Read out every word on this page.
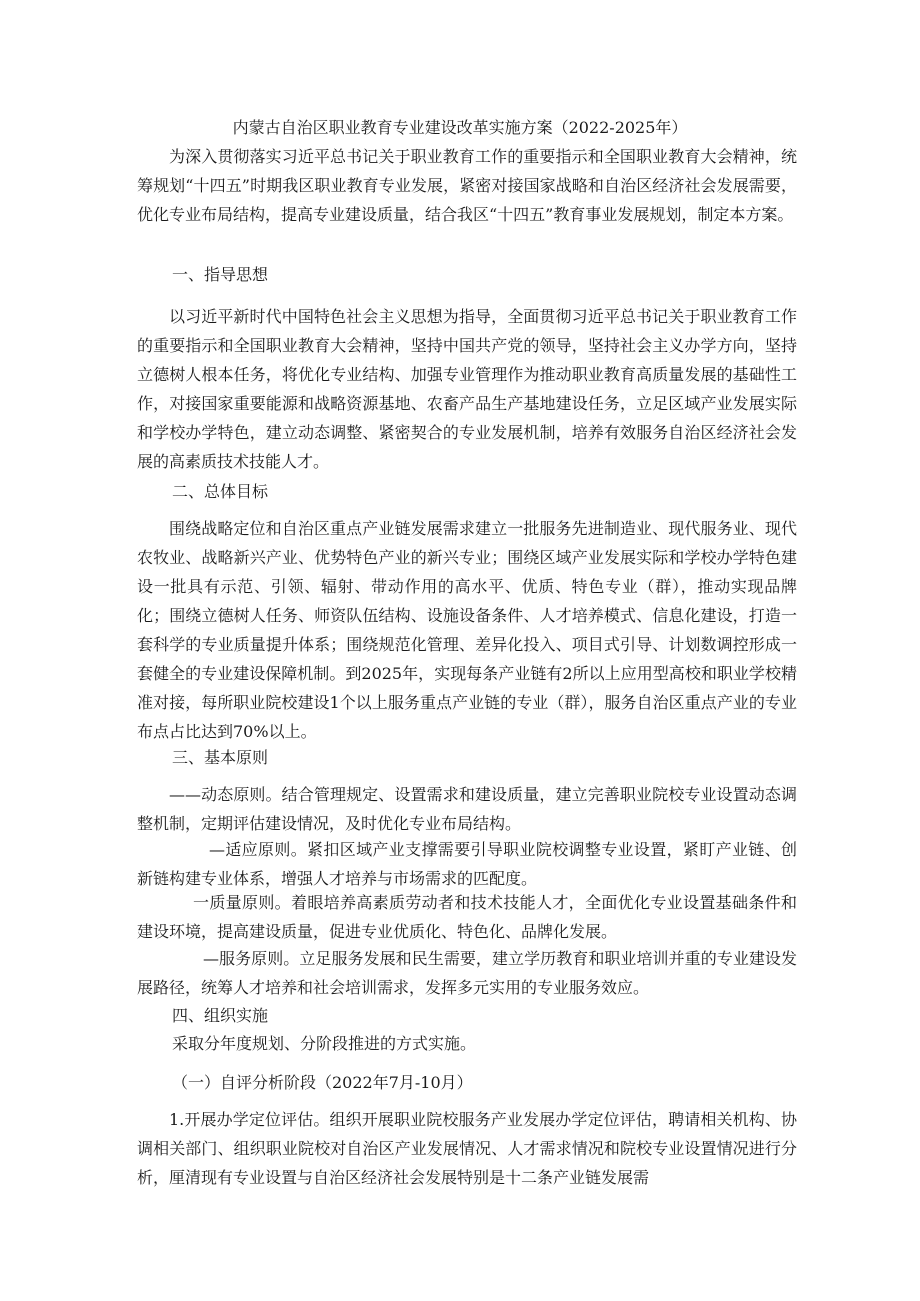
内蒙古自治区职业教育专业建设改革实施方案（2022-2025年）

为深入贯彻落实习近平总书记关于职业教育工作的重要指示和全国职业教育大会精神，统筹规划“十四五”时期我区职业教育专业发展，紧密对接国家战略和自治区经济社会发展需要，优化专业布局结构，提高专业建设质量，结合我区“十四五”教育事业发展规划，制定本方案。

一、指导思想

以习近平新时代中国特色社会主义思想为指导，全面贯彻习近平总书记关于职业教育工作的重要指示和全国职业教育大会精神，坚持中国共产党的领导，坚持社会主义办学方向，坚持立德树人根本任务，将优化专业结构、加强专业管理作为推动职业教育高质量发展的基础性工作，对接国家重要能源和战略资源基地、农畜产品生产基地建设任务，立足区域产业发展实际和学校办学特色，建立动态调整、紧密契合的专业发展机制，培养有效服务自治区经济社会发展的高素质技术技能人才。

二、总体目标

围绕战略定位和自治区重点产业链发展需求建立一批服务先进制造业、现代服务业、现代农牧业、战略新兴产业、优势特色产业的新兴专业；围绕区域产业发展实际和学校办学特色建设一批具有示范、引领、辐射、带动作用的高水平、优质、特色专业（群），推动实现品牌化；围绕立德树人任务、师资队伍结构、设施设备条件、人才培养模式、信息化建设，打造一套科学的专业质量提升体系；围绕规范化管理、差异化投入、项目式引导、计划数调控形成一套健全的专业建设保障机制。到2025年，实现每条产业链有2所以上应用型高校和职业学校精准对接，每所职业院校建设1个以上服务重点产业链的专业（群），服务自治区重点产业的专业布点占比达到70%以上。

三、基本原则

——动态原则。结合管理规定、设置需求和建设质量，建立完善职业院校专业设置动态调整机制，定期评估建设情况，及时优化专业布局结构。

—适应原则。紧扣区域产业支撑需要引导职业院校调整专业设置，紧盯产业链、创新链构建专业体系，增强人才培养与市场需求的匹配度。

一质量原则。着眼培养高素质劳动者和技术技能人才，全面优化专业设置基础条件和建设环境，提高建设质量，促进专业优质化、特色化、品牌化发展。

—服务原则。立足服务发展和民生需要，建立学历教育和职业培训并重的专业建设发展路径，统筹人才培养和社会培训需求，发挥多元实用的专业服务效应。

四、组织实施

采取分年度规划、分阶段推进的方式实施。

（一）自评分析阶段（2022年7月-10月）

1.开展办学定位评估。组织开展职业院校服务产业发展办学定位评估，聘请相关机构、协调相关部门、组织职业院校对自治区产业发展情况、人才需求情况和院校专业设置情况进行分析，厘清现有专业设置与自治区经济社会发展特别是十二条产业链发展需
